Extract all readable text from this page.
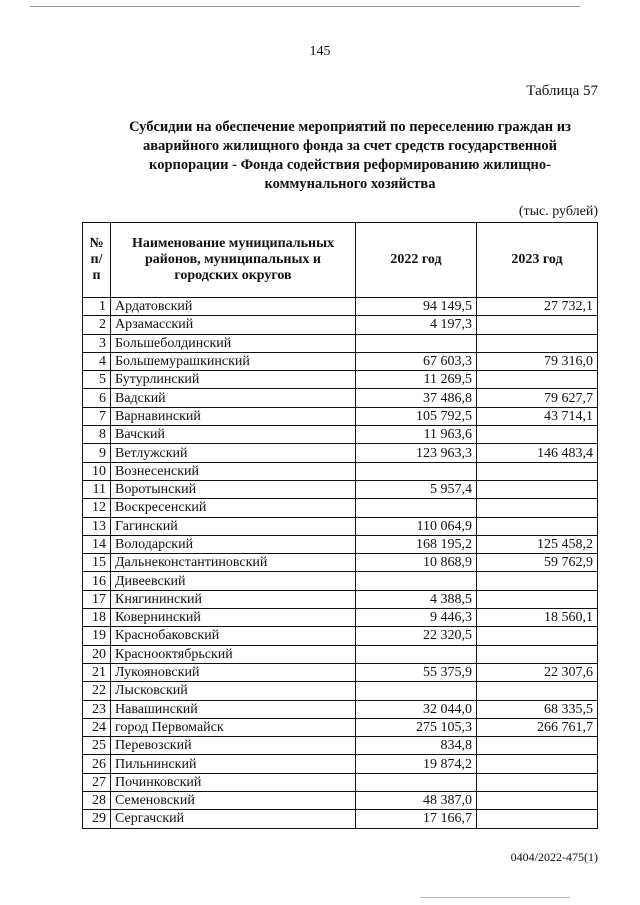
145
Таблица 57
Субсидии на обеспечение мероприятий по переселению граждан из аварийного жилищного фонда за счет средств государственной корпорации - Фонда содействия реформированию жилищно-коммунального хозяйства
(тыс. рублей)
№ п/п	Наименование муниципальных районов, муниципальных и городских округов	2022 год	2023 год
1	Ардатовский	94 149,5	27 732,1
2	Арзамасский	4 197,3	
3	Большеболдинский		
4	Большемурашкинский	67 603,3	79 316,0
5	Бутурлинский	11 269,5	
6	Вадский	37 486,8	79 627,7
7	Варнавинский	105 792,5	43 714,1
8	Вачский	11 963,6	
9	Ветлужский	123 963,3	146 483,4
10	Вознесенский		
11	Воротынский	5 957,4	
12	Воскресенский		
13	Гагинский	110 064,9	
14	Володарский	168 195,2	125 458,2
15	Дальнеконстантиновский	10 868,9	59 762,9
16	Дивеевский		
17	Княгининский	4 388,5	
18	Ковернинский	9 446,3	18 560,1
19	Краснобаковский	22 320,5	
20	Краснооктябрьский		
21	Лукояновский	55 375,9	22 307,6
22	Лысковский		
23	Навашинский	32 044,0	68 335,5
24	город Первомайск	275 105,3	266 761,7
25	Перевозский	834,8	
26	Пильнинский	19 874,2	
27	Починковский		
28	Семеновский	48 387,0	
29	Сергачский	17 166,7	
0404/2022-475(1)
